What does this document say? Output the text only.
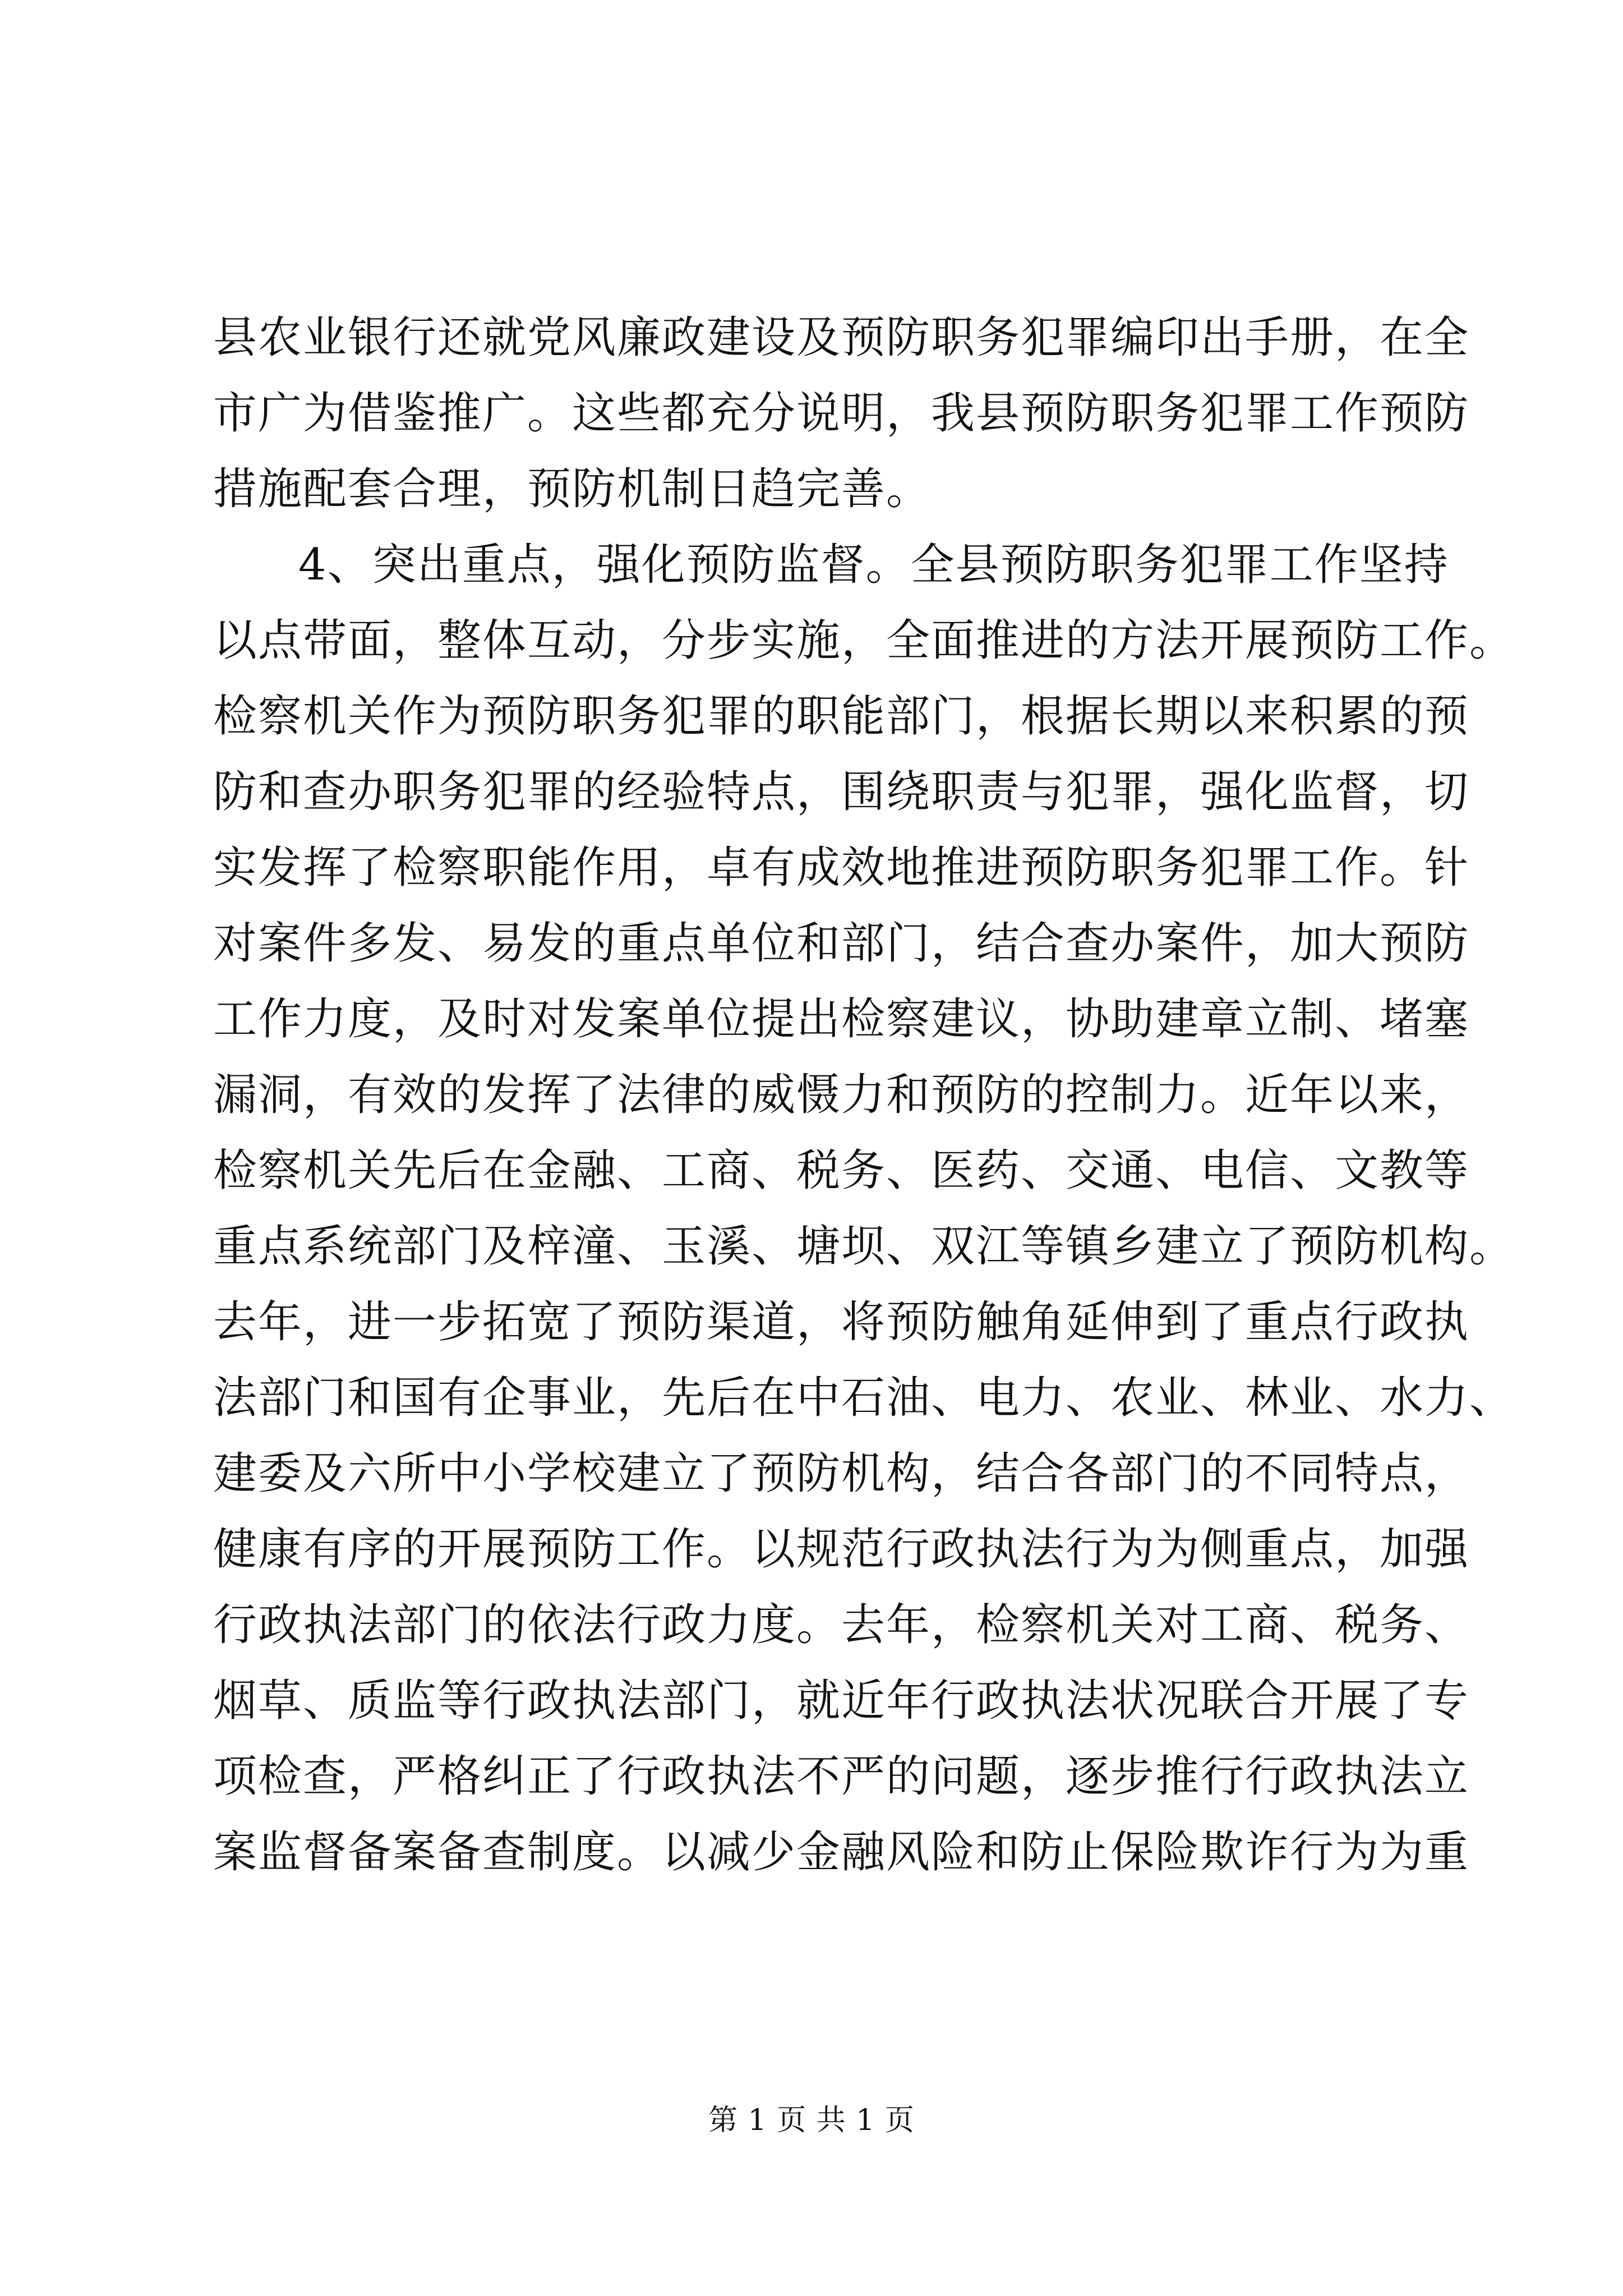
县农业银行还就党风廉政建设及预防职务犯罪编印出手册，在全
市广为借鉴推广。这些都充分说明，我县预防职务犯罪工作预防
措施配套合理，预防机制日趋完善。
4、突出重点，强化预防监督。全县预防职务犯罪工作坚持
以点带面，整体互动，分步实施，全面推进的方法开展预防工作。
检察机关作为预防职务犯罪的职能部门，根据长期以来积累的预
防和查办职务犯罪的经验特点，围绕职责与犯罪，强化监督，切
实发挥了检察职能作用，卓有成效地推进预防职务犯罪工作。针
对案件多发、易发的重点单位和部门，结合查办案件，加大预防
工作力度，及时对发案单位提出检察建议，协助建章立制、堵塞
漏洞，有效的发挥了法律的威慑力和预防的控制力。近年以来，
检察机关先后在金融、工商、税务、医药、交通、电信、文教等
重点系统部门及梓潼、玉溪、塘坝、双江等镇乡建立了预防机构。
去年，进一步拓宽了预防渠道，将预防触角延伸到了重点行政执
法部门和国有企事业，先后在中石油、电力、农业、林业、水力、
建委及六所中小学校建立了预防机构，结合各部门的不同特点，
健康有序的开展预防工作。以规范行政执法行为为侧重点，加强
行政执法部门的依法行政力度。去年，检察机关对工商、税务、
烟草、质监等行政执法部门，就近年行政执法状况联合开展了专
项检查，严格纠正了行政执法不严的问题，逐步推行行政执法立
案监督备案备查制度。以减少金融风险和防止保险欺诈行为为重
第 1 页 共 1 页
